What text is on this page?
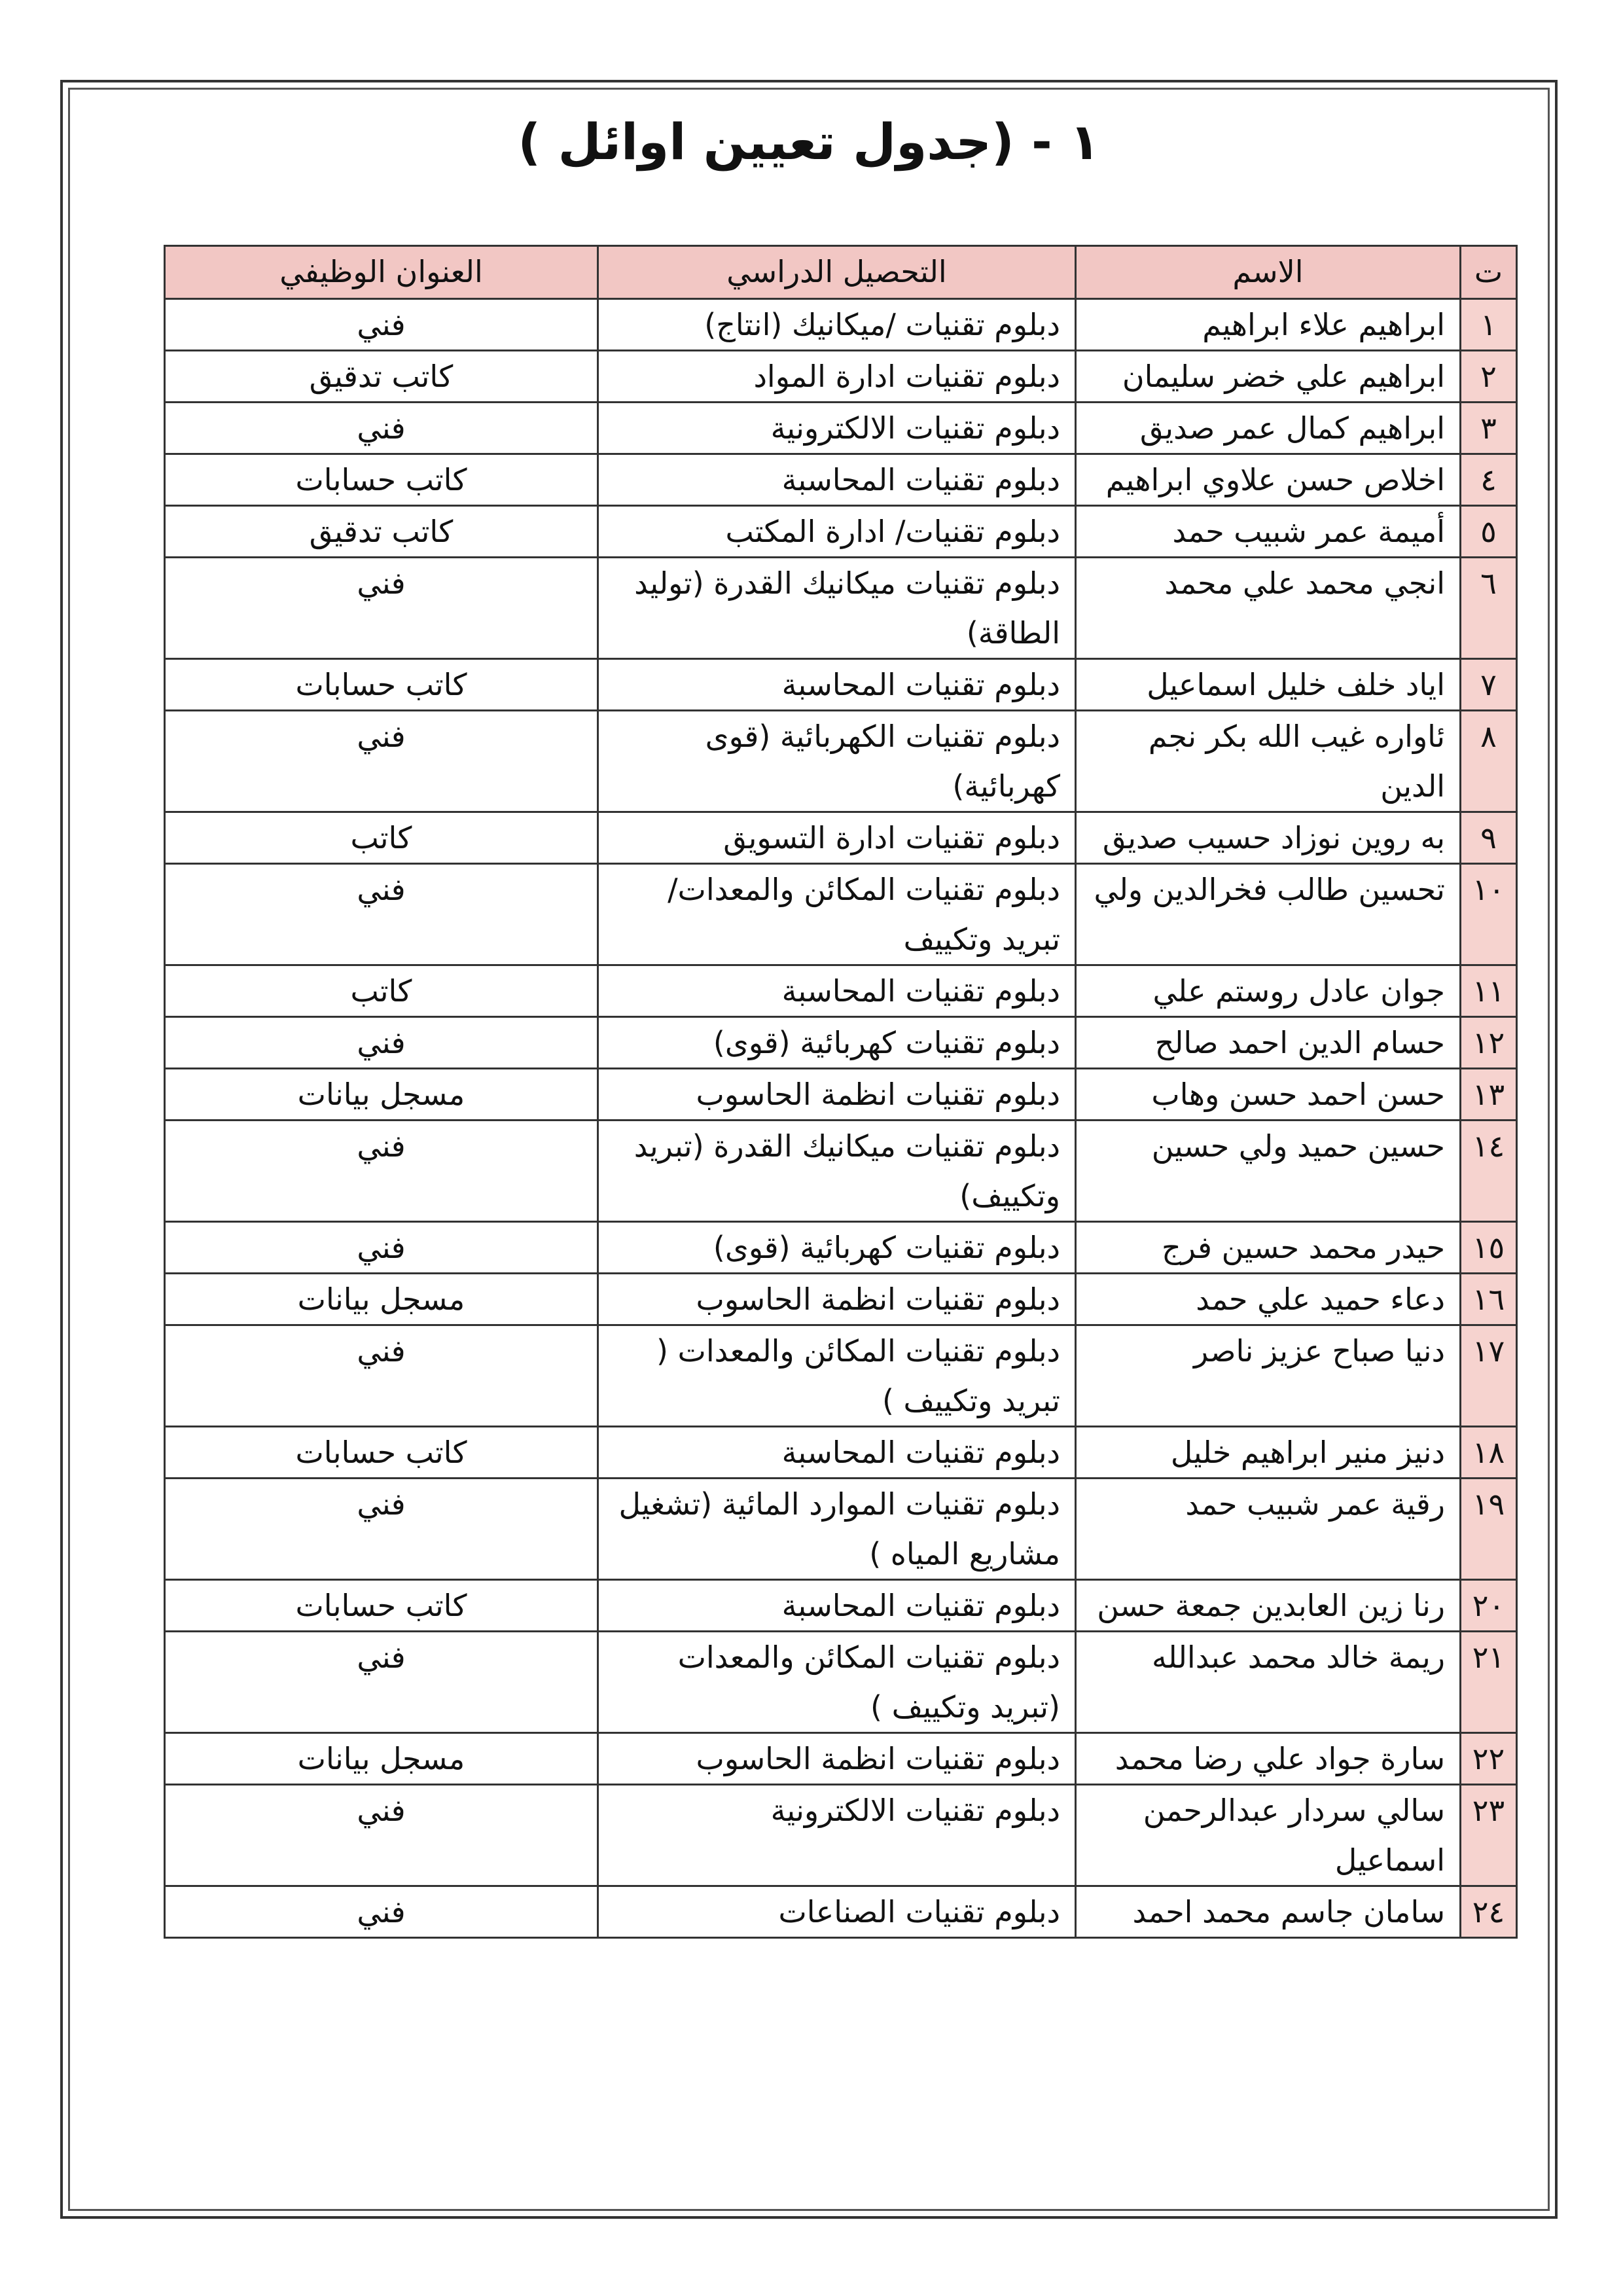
١ - (جدول تعيين اوائل )
ت	الاسم	التحصيل الدراسي	العنوان الوظيفي
١	ابراهيم علاء ابراهيم	دبلوم تقنيات /ميكانيك (انتاج)	فني
٢	ابراهيم علي خضر سليمان	دبلوم تقنيات ادارة المواد	كاتب تدقيق
٣	ابراهيم كمال عمر صديق	دبلوم تقنيات الالكترونية	فني
٤	اخلاص حسن علاوي ابراهيم	دبلوم تقنيات المحاسبة	كاتب حسابات
٥	أميمة عمر شبيب حمد	دبلوم تقنيات/ ادارة المكتب	كاتب تدقيق
٦	انجي محمد علي محمد	دبلوم تقنيات ميكانيك القدرة (توليد الطاقة)	فني
٧	اياد خلف خليل اسماعيل	دبلوم تقنيات المحاسبة	كاتب حسابات
٨	ئاواره غيب الله بكر نجم الدين	دبلوم تقنيات الكهربائية (قوى كهربائية)	فني
٩	به روين نوزاد حسيب صديق	دبلوم تقنيات ادارة التسويق	كاتب
١٠	تحسين طالب فخرالدين ولي	دبلوم تقنيات المكائن والمعدات/ تبريد وتكييف	فني
١١	جوان عادل روستم علي	دبلوم تقنيات المحاسبة	كاتب
١٢	حسام الدين احمد صالح	دبلوم تقنيات كهربائية (قوى)	فني
١٣	حسن احمد حسن وهاب	دبلوم تقنيات انظمة الحاسوب	مسجل بيانات
١٤	حسين حميد ولي حسين	دبلوم تقنيات ميكانيك القدرة (تبريد وتكييف)	فني
١٥	حيدر محمد حسين فرج	دبلوم تقنيات كهربائية (قوى)	فني
١٦	دعاء حميد علي حمد	دبلوم تقنيات انظمة الحاسوب	مسجل بيانات
١٧	دنيا صباح عزيز ناصر	دبلوم تقنيات المكائن والمعدات ( تبريد وتكييف )	فني
١٨	دنيز منير ابراهيم خليل	دبلوم تقنيات المحاسبة	كاتب حسابات
١٩	رقية عمر شبيب حمد	دبلوم تقنيات الموارد المائية (تشغيل مشاريع المياه )	فني
٢٠	رنا زين العابدين جمعة حسن	دبلوم تقنيات المحاسبة	كاتب حسابات
٢١	ريمة خالد محمد عبدالله	دبلوم تقنيات المكائن والمعدات (تبريد وتكييف )	فني
٢٢	سارة جواد علي رضا محمد	دبلوم تقنيات انظمة الحاسوب	مسجل بيانات
٢٣	سالي سردار عبدالرحمن اسماعيل	دبلوم تقنيات الالكترونية	فني
٢٤	سامان جاسم محمد احمد	دبلوم تقنيات الصناعات	فني
